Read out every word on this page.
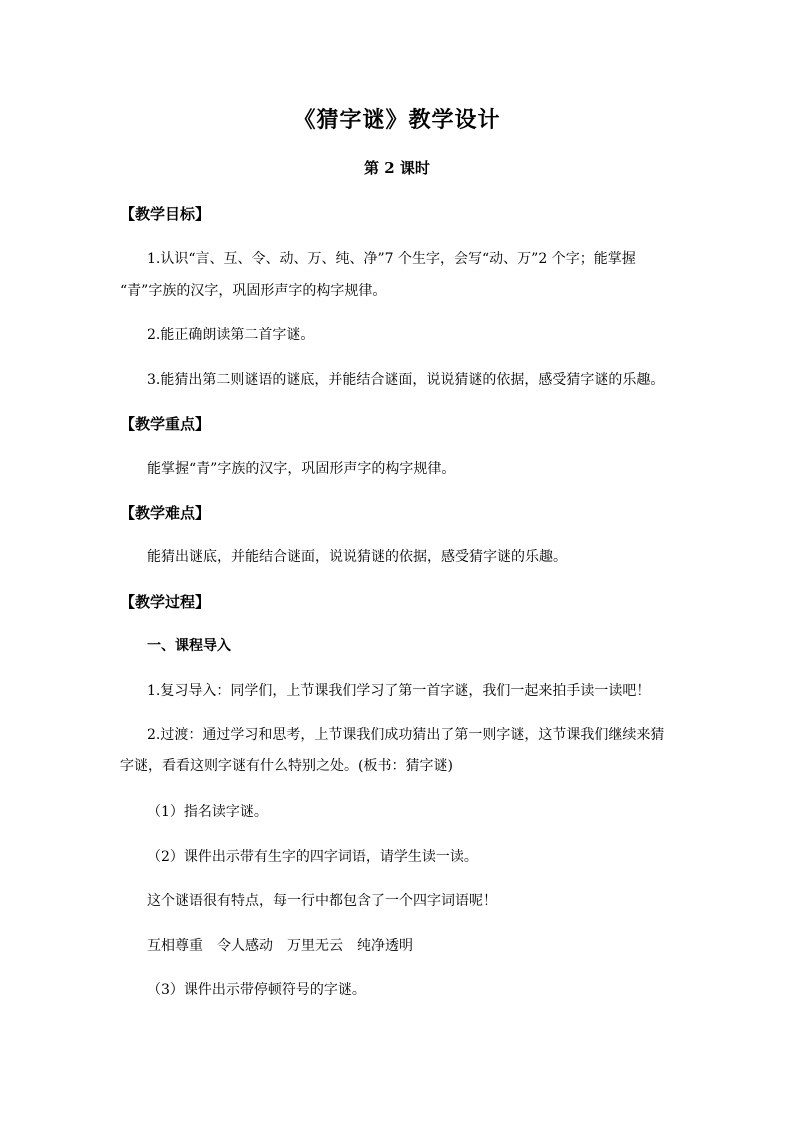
《猜字谜》教学设计
第 2 课时
【教学目标】
1.认识“言、互、令、动、万、纯、净”7 个生字，会写“动、万”2 个字；能掌握
“青”字族的汉字，巩固形声字的构字规律。
2.能正确朗读第二首字谜。
3.能猜出第二则谜语的谜底，并能结合谜面，说说猜谜的依据，感受猜字谜的乐趣。
【教学重点】
能掌握“青”字族的汉字，巩固形声字的构字规律。
【教学难点】
能猜出谜底，并能结合谜面，说说猜谜的依据，感受猜字谜的乐趣。
【教学过程】
一、课程导入
1.复习导入：同学们，上节课我们学习了第一首字谜，我们一起来拍手读一读吧！
2.过渡：通过学习和思考，上节课我们成功猜出了第一则字谜，这节课我们继续来猜
字谜，看看这则字谜有什么特别之处。(板书：猜字谜)
（1）指名读字谜。
（2）课件出示带有生字的四字词语，请学生读一读。
这个谜语很有特点，每一行中都包含了一个四字词语呢！
互相尊重　令人感动　万里无云　纯净透明
（3）课件出示带停顿符号的字谜。
